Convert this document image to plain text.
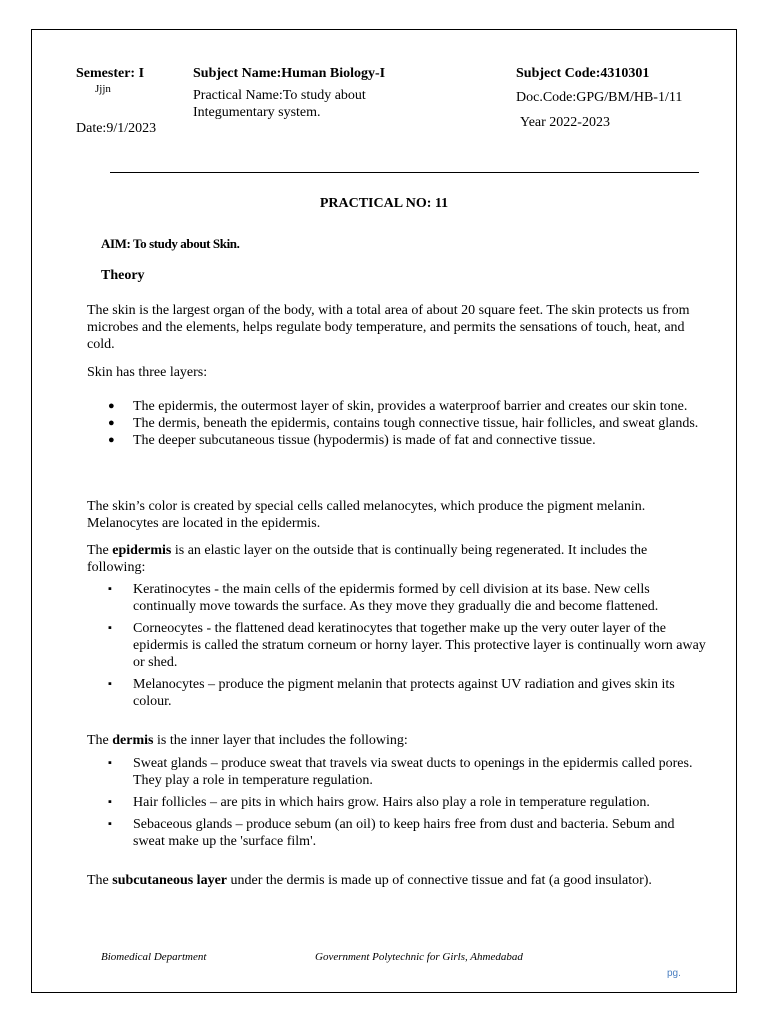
Semester: I
Jjjn
Date:9/1/2023
Subject Name:Human Biology-I
Practical Name:To study about Integumentary system.
Subject Code:4310301
Doc.Code:GPG/BM/HB-1/11
Year 2022-2023
PRACTICAL NO: 11
AIM: To study about Skin.
Theory

The skin is the largest organ of the body, with a total area of about 20 square feet. The skin protects us from microbes and the elements, helps regulate body temperature, and permits the sensations of touch, heat, and cold.

Skin has three layers:

● The epidermis, the outermost layer of skin, provides a waterproof barrier and creates our skin tone.
● The dermis, beneath the epidermis, contains tough connective tissue, hair follicles, and sweat glands.
● The deeper subcutaneous tissue (hypodermis) is made of fat and connective tissue.

The skin’s color is created by special cells called melanocytes, which produce the pigment melanin. Melanocytes are located in the epidermis.

The epidermis is an elastic layer on the outside that is continually being regenerated. It includes the following:

▪ Keratinocytes - the main cells of the epidermis formed by cell division at its base. New cells continually move towards the surface. As they move they gradually die and become flattened.
▪ Corneocytes - the flattened dead keratinocytes that together make up the very outer layer of the epidermis is called the stratum corneum or horny layer. This protective layer is continually worn away or shed.
▪ Melanocytes – produce the pigment melanin that protects against UV radiation and gives skin its colour.

The dermis is the inner layer that includes the following:

▪ Sweat glands – produce sweat that travels via sweat ducts to openings in the epidermis called pores. They play a role in temperature regulation.
▪ Hair follicles – are pits in which hairs grow. Hairs also play a role in temperature regulation.
▪ Sebaceous glands – produce sebum (an oil) to keep hairs free from dust and bacteria. Sebum and sweat make up the 'surface film'.

The subcutaneous layer under the dermis is made up of connective tissue and fat (a good insulator).

Biomedical Department	Government Polytechnic for Girls, Ahmedabad
pg.
